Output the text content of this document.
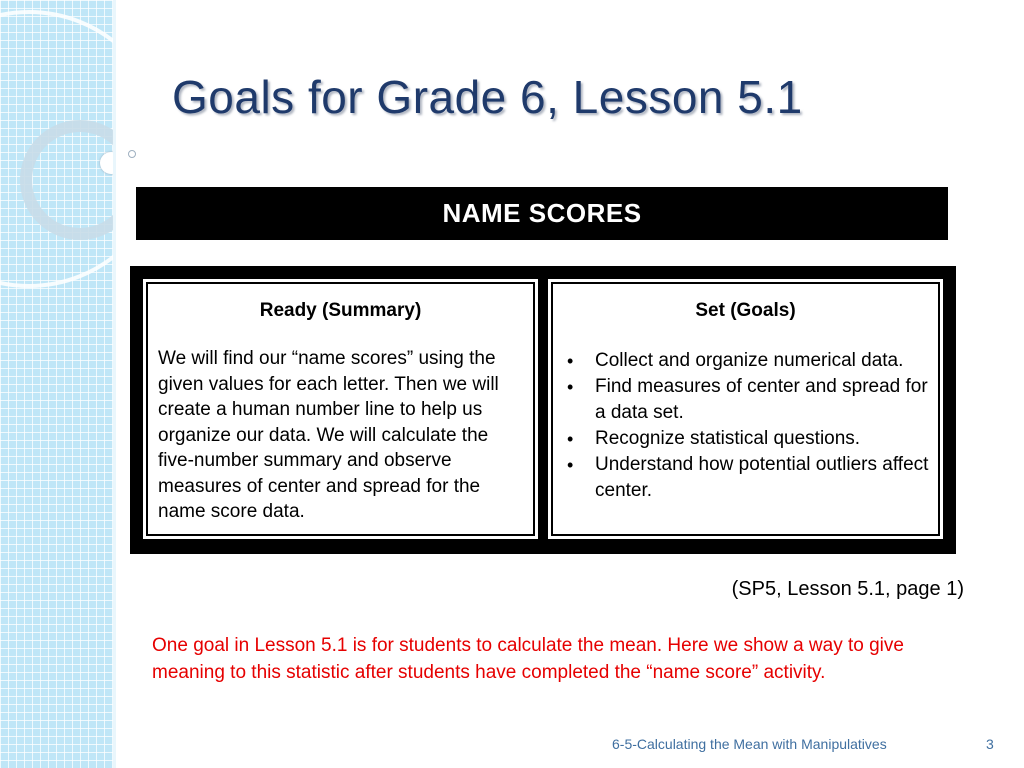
Goals for Grade 6, Lesson 5.1
NAME SCORES
Ready (Summary)
We will find our “name scores” using the given values for each letter. Then we will create a human number line to help us organize our data. We will calculate the five-number summary and observe measures of center and spread for the name score data.
Set (Goals)
• Collect and organize numerical data.
• Find measures of center and spread for a data set.
• Recognize statistical questions.
• Understand how potential outliers affect center.
(SP5, Lesson 5.1, page 1)
One goal in Lesson 5.1 is for students to calculate the mean. Here we show a way to give meaning to this statistic after students have completed the “name score” activity.
6-5-Calculating the Mean with Manipulatives	3
